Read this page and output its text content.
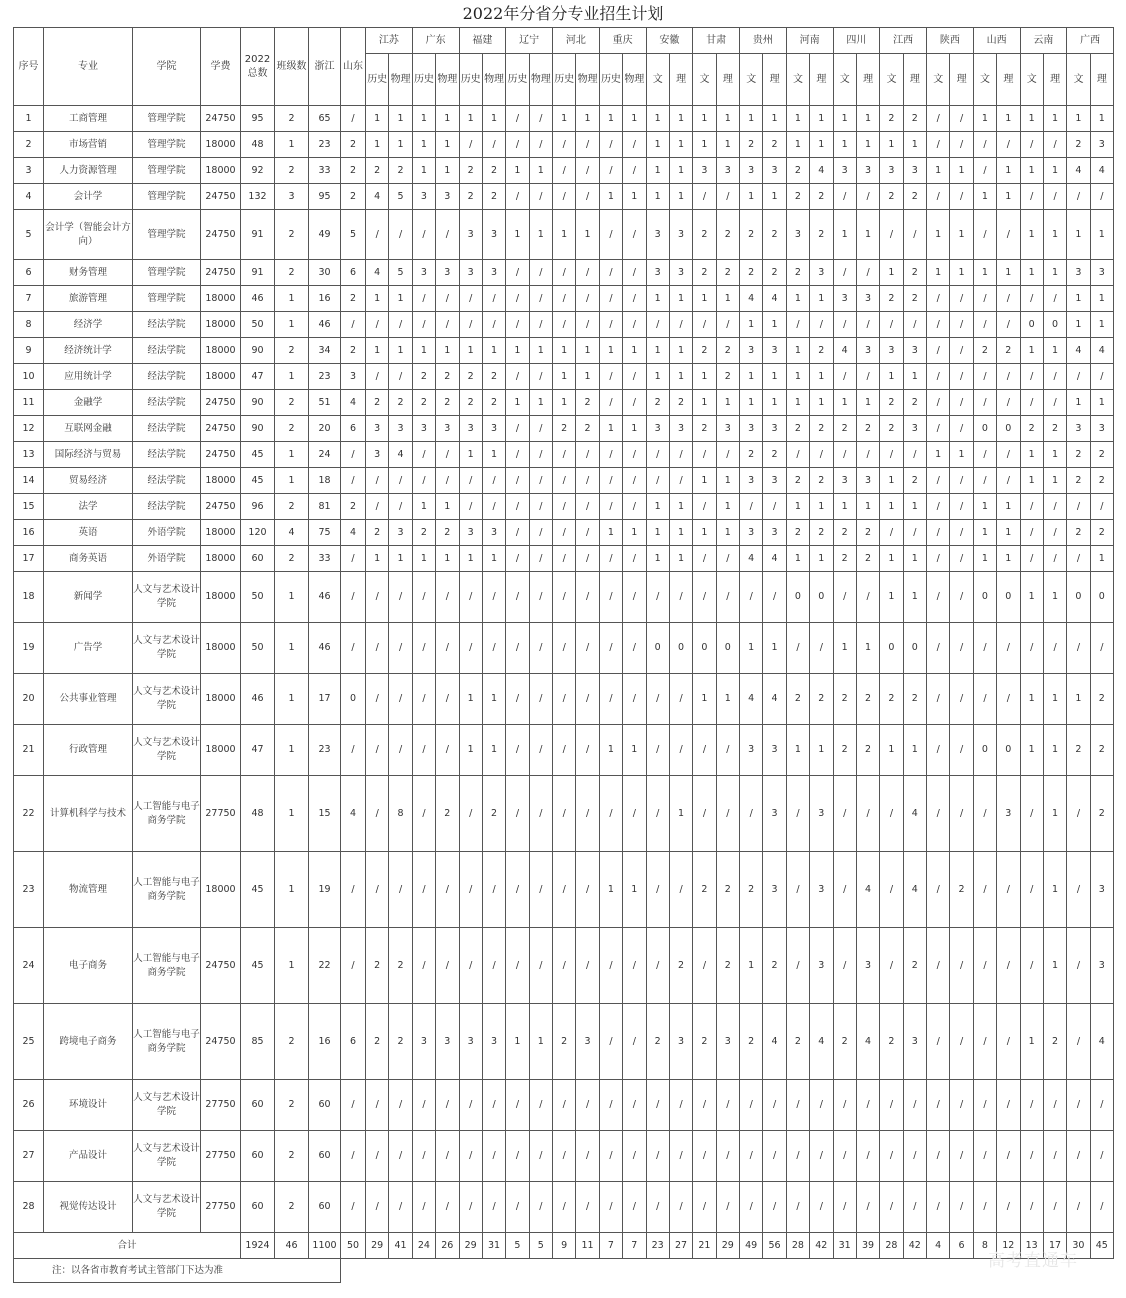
2022年分省分专业招生计划
序号	专业	学院	学费	2022总数	班级数	浙江	山东	江苏		广东		福建		辽宁		河北		重庆		安徽		甘肃		贵州		河南		四川		江西		陕西		山西		云南		广西	
								历史	物理	历史	物理	历史	物理	历史	物理	历史	物理	历史	物理	文	理	文	理	文	理	文	理	文	理	文	理	文	理	文	理	文	理	文	理
1	工商管理	管理学院	24750	95	2	65	/	1	1	1	1	1	1	/	/	1	1	1	1	1	1	1	1	1	1	1	1	1	1	2	2	/	/	1	1	1	1	1	1
2	市场营销	管理学院	18000	48	1	23	2	1	1	1	1	/	/	/	/	/	/	/	/	1	1	1	1	2	2	1	1	1	1	1	1	/	/	/	/	/	/	2	3
3	人力资源管理	管理学院	18000	92	2	33	2	2	2	1	1	2	2	1	1	/	/	/	/	1	1	3	3	3	3	2	4	3	3	3	3	1	1	/	1	1	1	4	4
4	会计学	管理学院	24750	132	3	95	2	4	5	3	3	2	2	/	/	/	/	1	1	1	1	/	/	1	1	2	2	/	/	2	2	/	/	1	1	/	/	/	/
5	会计学（智能会计方向）	管理学院	24750	91	2	49	5	/	/	/	/	3	3	1	1	1	1	/	/	3	3	2	2	2	2	3	2	1	1	/	/	1	1	/	/	1	1	1	1
6	财务管理	管理学院	24750	91	2	30	6	4	5	3	3	3	3	/	/	/	/	/	/	3	3	2	2	2	2	2	3	/	/	1	2	1	1	1	1	1	1	3	3
7	旅游管理	管理学院	18000	46	1	16	2	1	1	/	/	/	/	/	/	/	/	/	/	1	1	1	1	4	4	1	1	3	3	2	2	/	/	/	/	/	/	1	1
8	经济学	经法学院	18000	50	1	46	/	/	/	/	/	/	/	/	/	/	/	/	/	/	/	/	/	1	1	/	/	/	/	/	/	/	/	/	/	0	0	1	1
9	经济统计学	经法学院	18000	90	2	34	2	1	1	1	1	1	1	1	1	1	1	1	1	1	1	2	2	3	3	1	2	4	3	3	3	/	/	2	2	1	1	4	4
10	应用统计学	经法学院	18000	47	1	23	3	/	/	2	2	2	2	/	/	1	1	/	/	1	1	1	2	1	1	1	1	/	/	1	1	/	/	/	/	/	/	/	/
11	金融学	经法学院	24750	90	2	51	4	2	2	2	2	2	2	1	1	1	2	/	/	2	2	1	1	1	1	1	1	1	1	2	2	/	/	/	/	/	/	1	1
12	互联网金融	经法学院	24750	90	2	20	6	3	3	3	3	3	3	/	/	2	2	1	1	3	3	2	3	3	3	2	2	2	2	2	3	/	/	0	0	2	2	3	3
13	国际经济与贸易	经法学院	24750	45	1	24	/	3	4	/	/	1	1	/	/	/	/	/	/	/	/	/	/	2	2	/	/	/	/	/	/	1	1	/	/	1	1	2	2
14	贸易经济	经法学院	18000	45	1	18	/	/	/	/	/	/	/	/	/	/	/	/	/	/	/	1	1	3	3	2	2	3	3	1	2	/	/	/	/	1	1	2	2
15	法学	经法学院	24750	96	2	81	2	/	/	1	1	/	/	/	/	/	/	/	/	1	1	/	1	/	/	1	1	1	1	1	1	/	/	1	1	/	/	/	/
16	英语	外语学院	18000	120	4	75	4	2	3	2	2	3	3	/	/	/	/	1	1	1	1	1	1	3	3	2	2	2	2	/	/	/	/	1	1	/	/	2	2
17	商务英语	外语学院	18000	60	2	33	/	1	1	1	1	1	1	/	/	/	/	/	/	1	1	/	/	4	4	1	1	2	2	1	1	/	/	1	1	/	/	/	1
18	新闻学	人文与艺术设计学院	18000	50	1	46	/	/	/	/	/	/	/	/	/	/	/	/	/	/	/	/	/	/	/	0	0	/	/	1	1	/	/	0	0	1	1	0	0
19	广告学	人文与艺术设计学院	18000	50	1	46	/	/	/	/	/	/	/	/	/	/	/	/	/	0	0	0	0	1	1	/	/	1	1	0	0	/	/	/	/	/	/	/	/
20	公共事业管理	人文与艺术设计学院	18000	46	1	17	0	/	/	/	/	1	1	/	/	/	/	/	/	/	/	1	1	4	4	2	2	2	2	2	2	/	/	/	/	1	1	1	2
21	行政管理	人文与艺术设计学院	18000	47	1	23	/	/	/	/	/	1	1	/	/	/	/	1	1	/	/	/	/	3	3	1	1	2	2	1	1	/	/	0	0	1	1	2	2
22	计算机科学与技术	人工智能与电子商务学院	27750	48	1	15	4	/	8	/	2	/	2	/	/	/	/	/	/	/	1	/	/	/	3	/	3	/	/	/	4	/	/	/	3	/	1	/	2
23	物流管理	人工智能与电子商务学院	18000	45	1	19	/	/	/	/	/	/	/	/	/	/	/	1	1	/	/	2	2	2	3	/	3	/	4	/	4	/	2	/	/	/	1	/	3
24	电子商务	人工智能与电子商务学院	24750	45	1	22	/	2	2	/	/	/	/	/	/	/	/	/	/	/	2	/	2	1	2	/	3	/	3	/	2	/	/	/	/	/	1	/	3
25	跨境电子商务	人工智能与电子商务学院	24750	85	2	16	6	2	2	3	3	3	3	1	1	2	3	/	/	2	3	2	3	2	4	2	4	2	4	2	3	/	/	/	/	1	2	/	4
26	环境设计	人文与艺术设计学院	27750	60	2	60	/	/	/	/	/	/	/	/	/	/	/	/	/	/	/	/	/	/	/	/	/	/	/	/	/	/	/	/	/	/	/	/	/
27	产品设计	人文与艺术设计学院	27750	60	2	60	/	/	/	/	/	/	/	/	/	/	/	/	/	/	/	/	/	/	/	/	/	/	/	/	/	/	/	/	/	/	/	/	/
28	视觉传达设计	人文与艺术设计学院	27750	60	2	60	/	/	/	/	/	/	/	/	/	/	/	/	/	/	/	/	/	/	/	/	/	/	/	/	/	/	/	/	/	/	/	/	/
合计				1924	46	1100	50	29	41	24	26	29	31	5	5	9	11	7	7	23	27	21	29	49	56	28	42	31	39	28	42	4	6	8	12	13	17	30	45
注：以各省市教育考试主管部门下达为准																																								高考直通车
